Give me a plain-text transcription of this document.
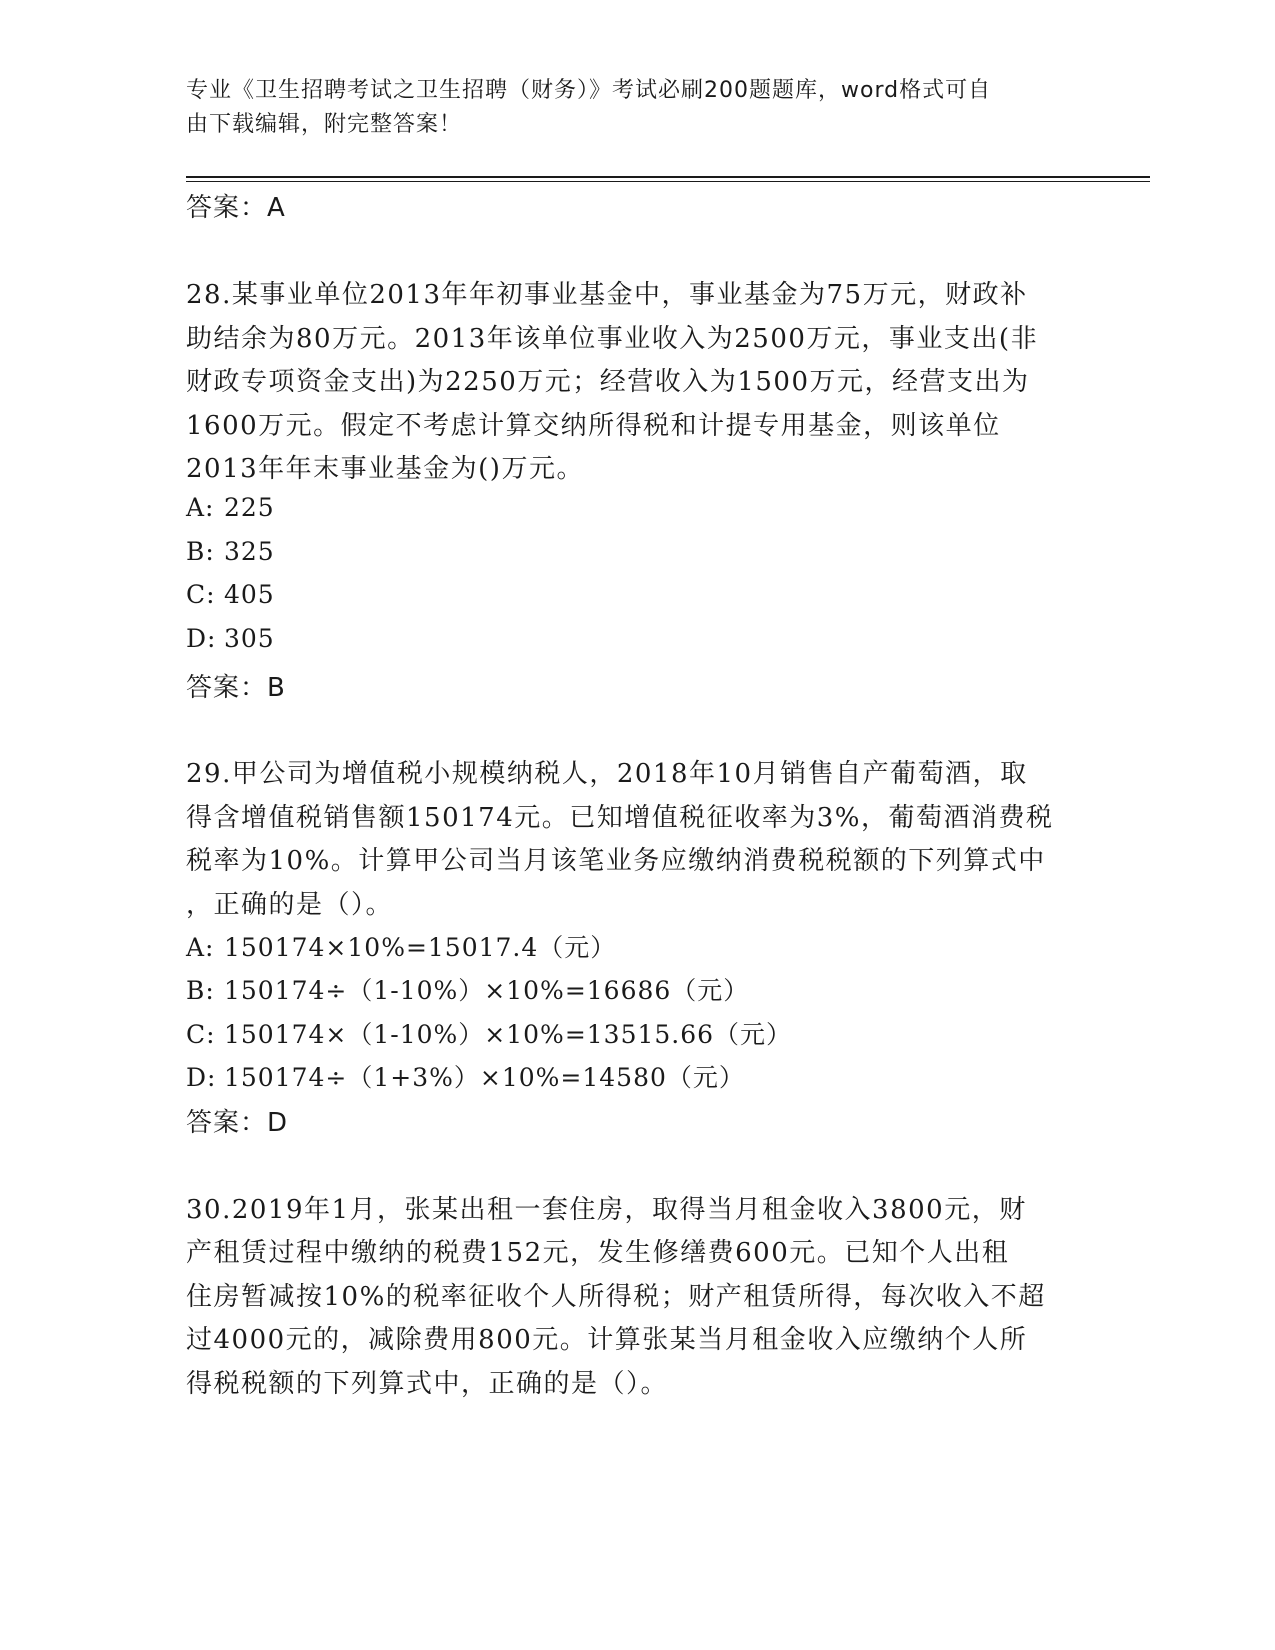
专业《卫生招聘考试之卫生招聘（财务）》考试必刷200题题库，word格式可自
由下载编辑，附完整答案！
答案：A
28.某事业单位2013年年初事业基金中，事业基金为75万元，财政补
助结余为80万元。2013年该单位事业收入为2500万元，事业支出(非
财政专项资金支出)为2250万元；经营收入为1500万元，经营支出为
1600万元。假定不考虑计算交纳所得税和计提专用基金，则该单位
2013年年末事业基金为()万元。
A: 225
B: 325
C: 405
D: 305
答案：B
29.甲公司为增值税小规模纳税人，2018年10月销售自产葡萄酒，取
得含增值税销售额150174元。已知增值税征收率为3%，葡萄酒消费税
税率为10%。计算甲公司当月该笔业务应缴纳消费税税额的下列算式中
，正确的是（）。
A: 150174×10%=15017.4（元）
B: 150174÷（1-10%）×10%=16686（元）
C: 150174×（1-10%）×10%=13515.66（元）
D: 150174÷（1+3%）×10%=14580（元）
答案：D
30.2019年1月，张某出租一套住房，取得当月租金收入3800元，财
产租赁过程中缴纳的税费152元，发生修缮费600元。已知个人出租
住房暂减按10%的税率征收个人所得税；财产租赁所得，每次收入不超
过4000元的，减除费用800元。计算张某当月租金收入应缴纳个人所
得税税额的下列算式中，正确的是（）。
